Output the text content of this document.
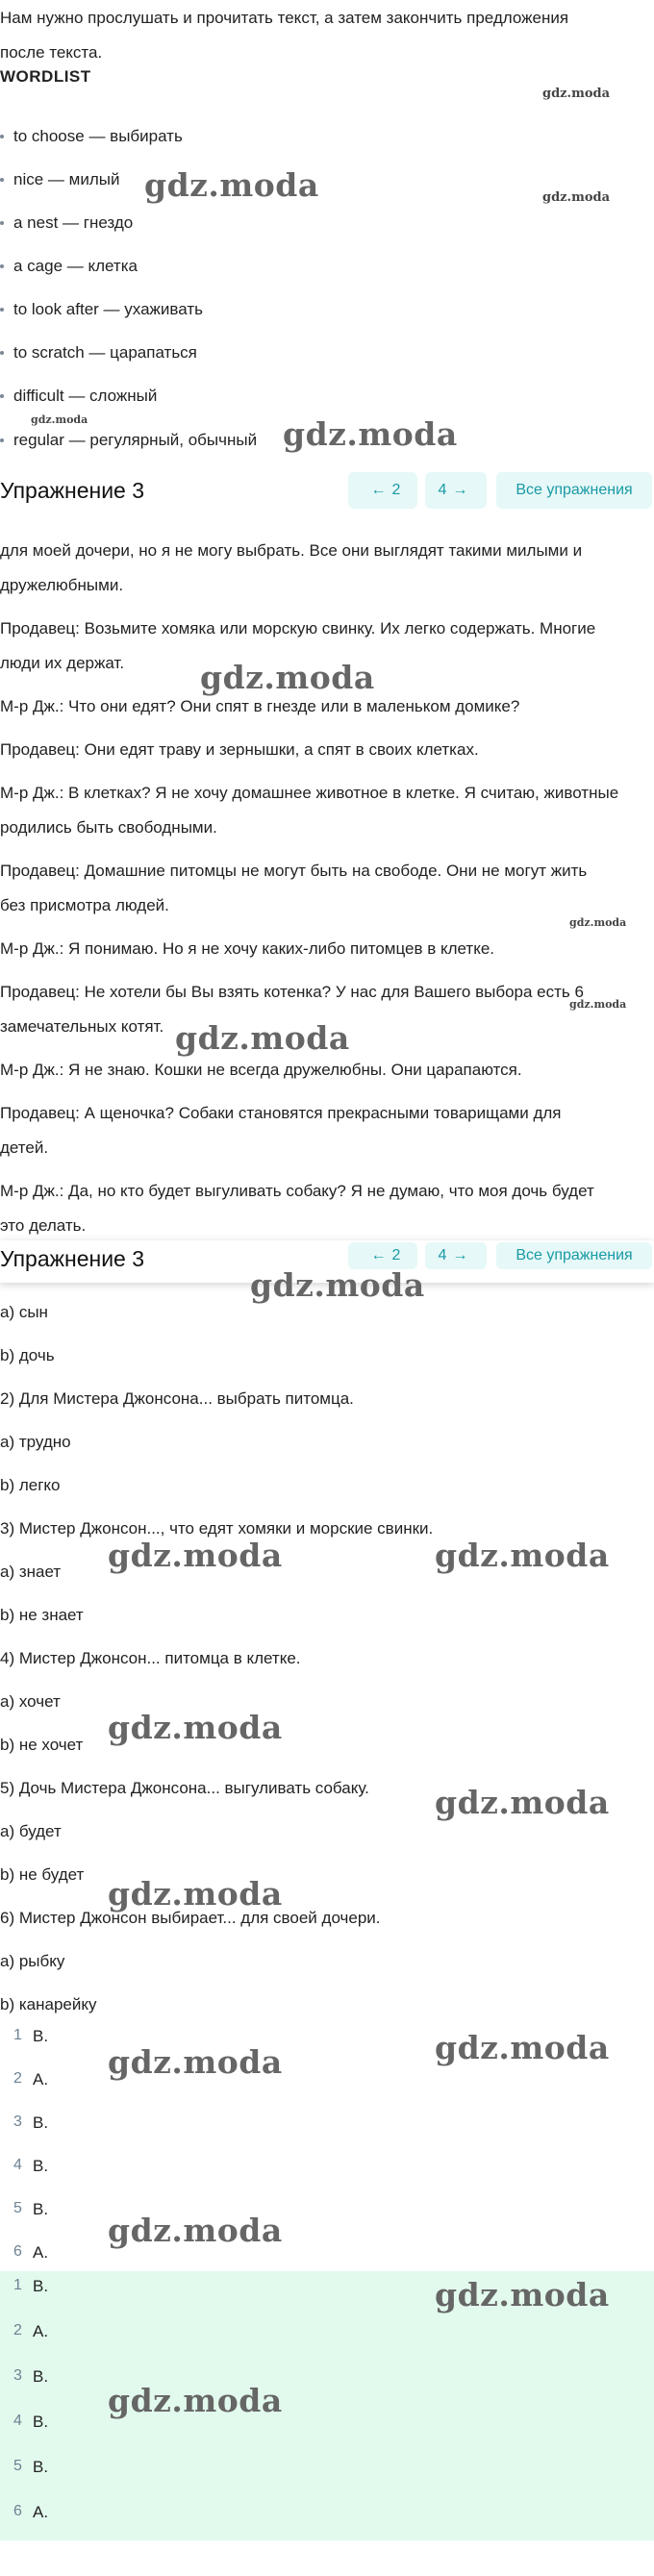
Нам нужно прослушать и прочитать текст, а затем закончить предложения

после текста.

WORDLIST
to choose — выбирать
nice — милый
a nest — гнездо
a cage — клетка
to look after — ухаживать
to scratch — царапаться
difficult — сложный
regular — регулярный, обычный
Упражнение 3	← 2 4 →	Все упражнения

для моей дочери, но я не могу выбрать. Все они выглядят такими милыми и

дружелюбными.

Продавец: Возьмите хомяка или морскую свинку. Их легко содержать. Многие

люди их держат.

М-р Дж.: Что они едят? Они спят в гнезде или в маленьком домике?

Продавец: Они едят траву и зернышки, а спят в своих клетках.

М-р Дж.: В клетках? Я не хочу домашнее животное в клетке. Я считаю, животные

родились быть свободными.

Продавец: Домашние питомцы не могут быть на свободе. Они не могут жить

без присмотра людей.

М-р Дж.: Я понимаю. Но я не хочу каких-либо питомцев в клетке.

Продавец: Не хотели бы Вы взять котенка? У нас для Вашего выбора есть 6

замечательных котят.

М-р Дж.: Я не знаю. Кошки не всегда дружелюбны. Они царапаются.

Продавец: А щеночка? Собаки становятся прекрасными товарищами для

детей.

М-р Дж.: Да, но кто будет выгуливать собаку? Я не думаю, что моя дочь будет

это делать.

Упражнение 3	← 2 4 →	Все упражнения

a) сын

b) дочь

2) Для Мистера Джонсона... выбрать питомца.

a) трудно

b) легко

3) Мистер Джонсон..., что едят хомяки и морские свинки.

a) знает

b) не знает

4) Мистер Джонсон... питомца в клетке.

a) хочет

b) не хочет

5) Дочь Мистера Джонсона... выгуливать собаку.

a) будет

b) не будет

6) Мистер Джонсон выбирает... для своей дочери.

a) рыбку

b) канарейку

1 B.
2 A.
3 B.
4 B.
5 B.
6 A.
1 B.
2 A.
3 B.
4 B.
5 B.
6 A.
gdz.moda
gdz.moda
gdz.moda
gdz.moda	gdz.moda
gdz.moda
gdz.moda
gdz.moda
gdz.moda
gdz.moda
gdz.moda	gdz.moda
gdz.moda
gdz.moda
gdz.moda
gdz.moda	gdz.moda
gdz.moda
gdz.moda
gdz.moda
